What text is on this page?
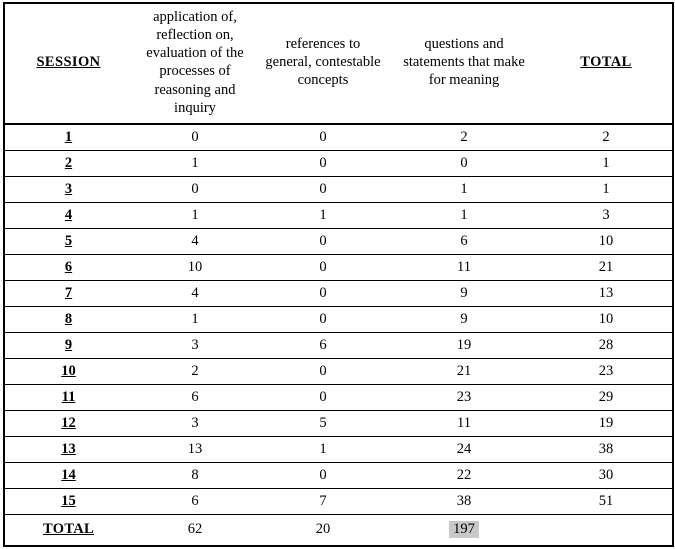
SESSION	application of, reflection on, evaluation of the processes of reasoning and inquiry	references to general, contestable concepts	questions and statements that make for meaning	TOTAL
1	0	0	2	2
2	1	0	0	1
3	0	0	1	1
4	1	1	1	3
5	4	0	6	10
6	10	0	11	21
7	4	0	9	13
8	1	0	9	10
9	3	6	19	28
10	2	0	21	23
11	6	0	23	29
12	3	5	11	19
13	13	1	24	38
14	8	0	22	30
15	6	7	38	51
TOTAL	62	20	197	
